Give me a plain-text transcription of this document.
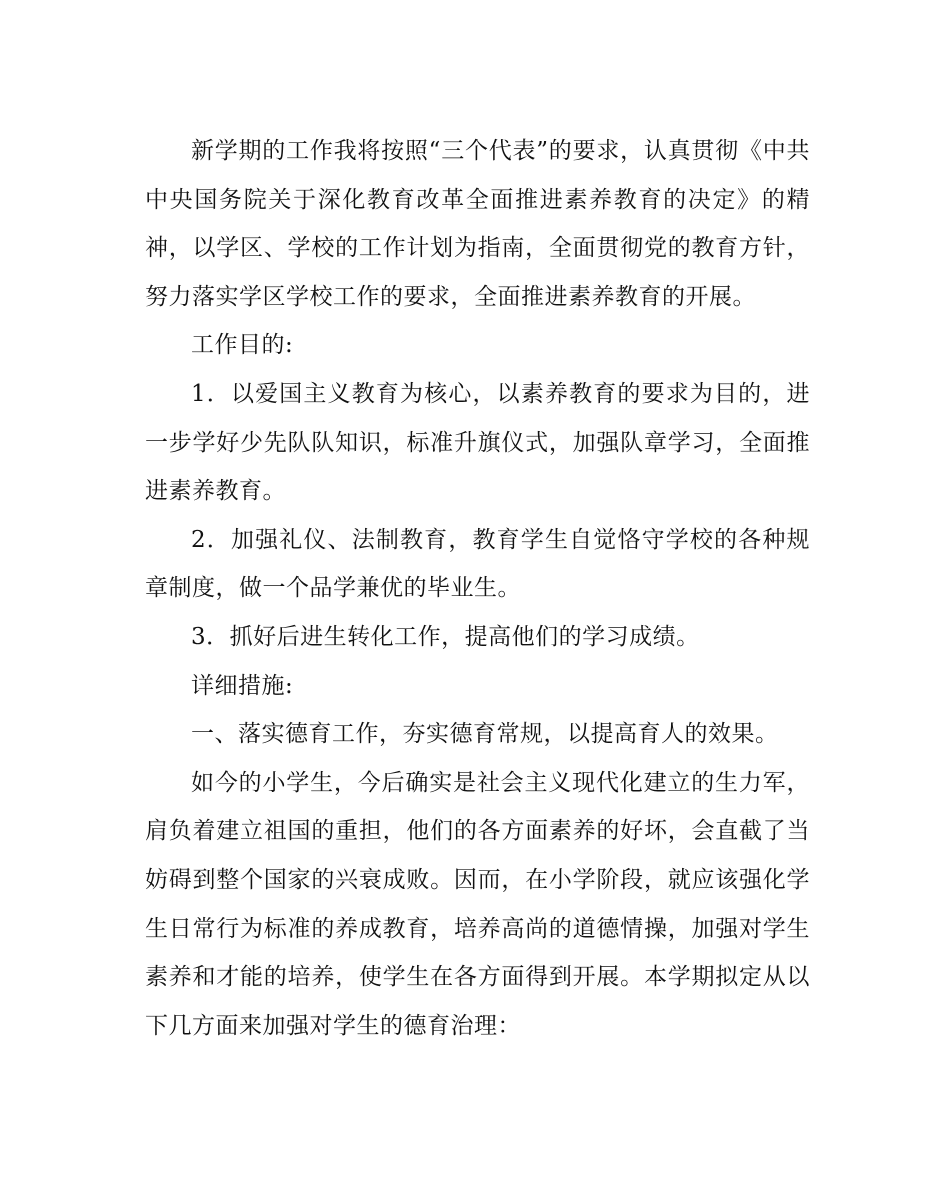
新学期的工作我将按照“三个代表”的要求，认真贯彻《中共中央国务院关于深化教育改革全面推进素养教育的决定》的精神，以学区、学校的工作计划为指南，全面贯彻党的教育方针，努力落实学区学校工作的要求，全面推进素养教育的开展。

工作目的:

1．以爱国主义教育为核心，以素养教育的要求为目的，进一步学好少先队队知识，标准升旗仪式，加强队章学习，全面推进素养教育。

2．加强礼仪、法制教育，教育学生自觉恪守学校的各种规章制度，做一个品学兼优的毕业生。

3．抓好后进生转化工作，提高他们的学习成绩。

详细措施:

一、落实德育工作，夯实德育常规，以提高育人的效果。

如今的小学生，今后确实是社会主义现代化建立的生力军，肩负着建立祖国的重担，他们的各方面素养的好坏，会直截了当妨碍到整个国家的兴衰成败。因而，在小学阶段，就应该强化学生日常行为标准的养成教育，培养高尚的道德情操，加强对学生素养和才能的培养，使学生在各方面得到开展。本学期拟定从以下几方面来加强对学生的德育治理：
